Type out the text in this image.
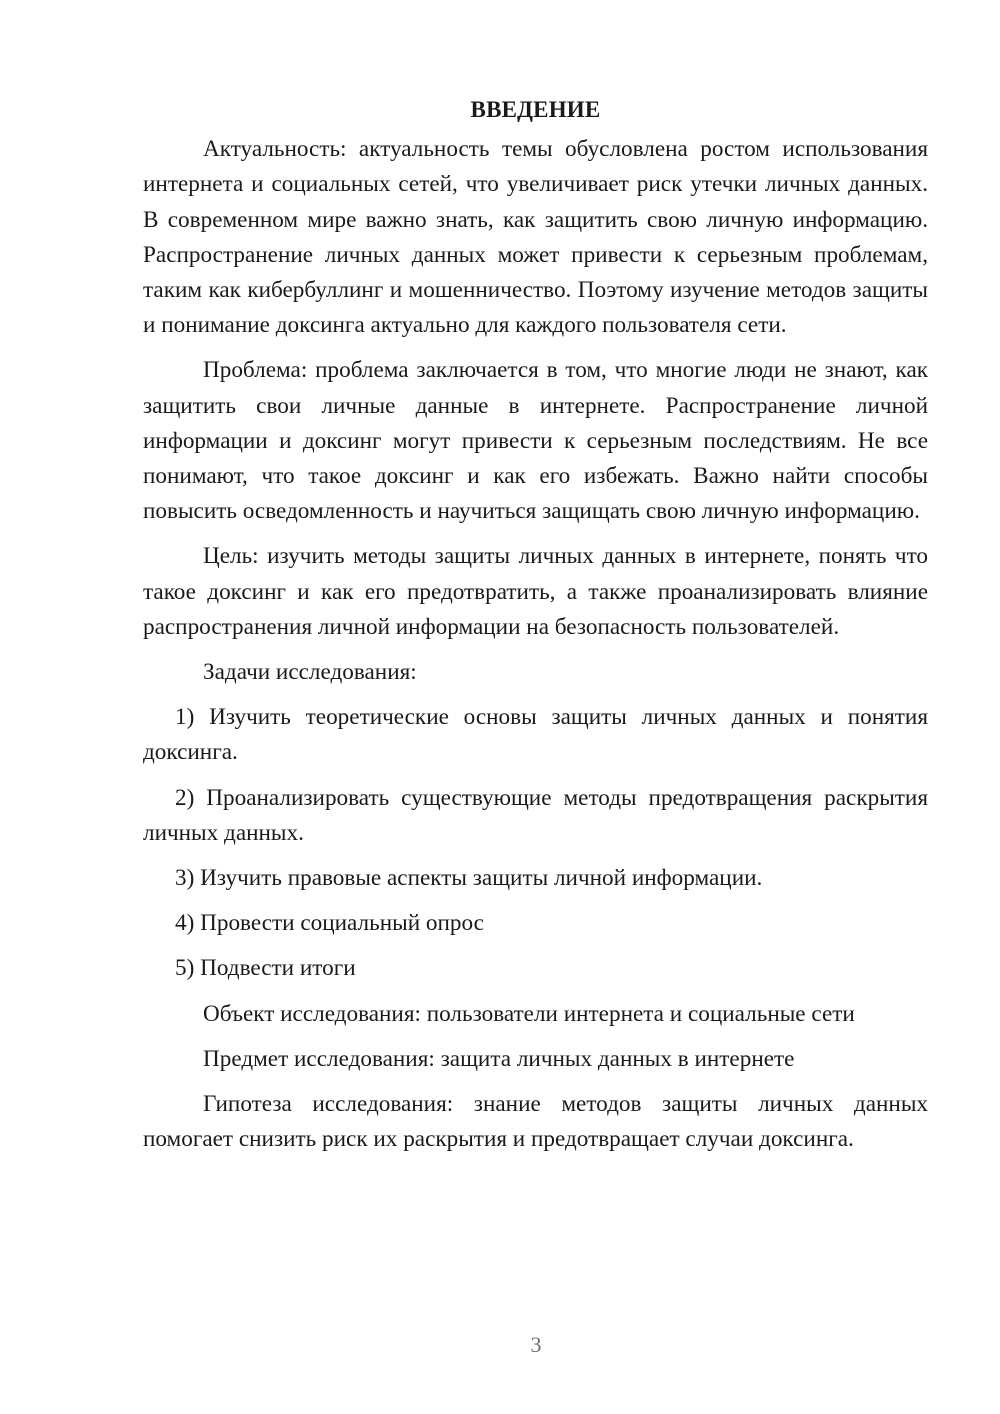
ВВЕДЕНИЕ

Актуальность: актуальность темы обусловлена ростом использования интернета и социальных сетей, что увеличивает риск утечки личных данных. В современном мире важно знать, как защитить свою личную информацию. Распространение личных данных может привести к серьезным проблемам, таким как кибербуллинг и мошенничество. Поэтому изучение методов защиты и понимание доксинга актуально для каждого пользователя сети.

Проблема: проблема заключается в том, что многие люди не знают, как защитить свои личные данные в интернете. Распространение личной информации и доксинг могут привести к серьезным последствиям. Не все понимают, что такое доксинг и как его избежать. Важно найти способы повысить осведомленность и научиться защищать свою личную информацию.

Цель: изучить методы защиты личных данных в интернете, понять что такое доксинг и как его предотвратить, а также проанализировать влияние распространения личной информации на безопасность пользователей.

Задачи исследования:

1) Изучить теоретические основы защиты личных данных и понятия доксинга.

2) Проанализировать существующие методы предотвращения раскрытия личных данных.

3) Изучить правовые аспекты защиты личной информации.

4) Провести социальный опрос

5) Подвести итоги

Объект исследования: пользователи интернета и социальные сети

Предмет исследования: защита личных данных в интернете

Гипотеза исследования: знание методов защиты личных данных помогает снизить риск их раскрытия и предотвращает случаи доксинга.

3
